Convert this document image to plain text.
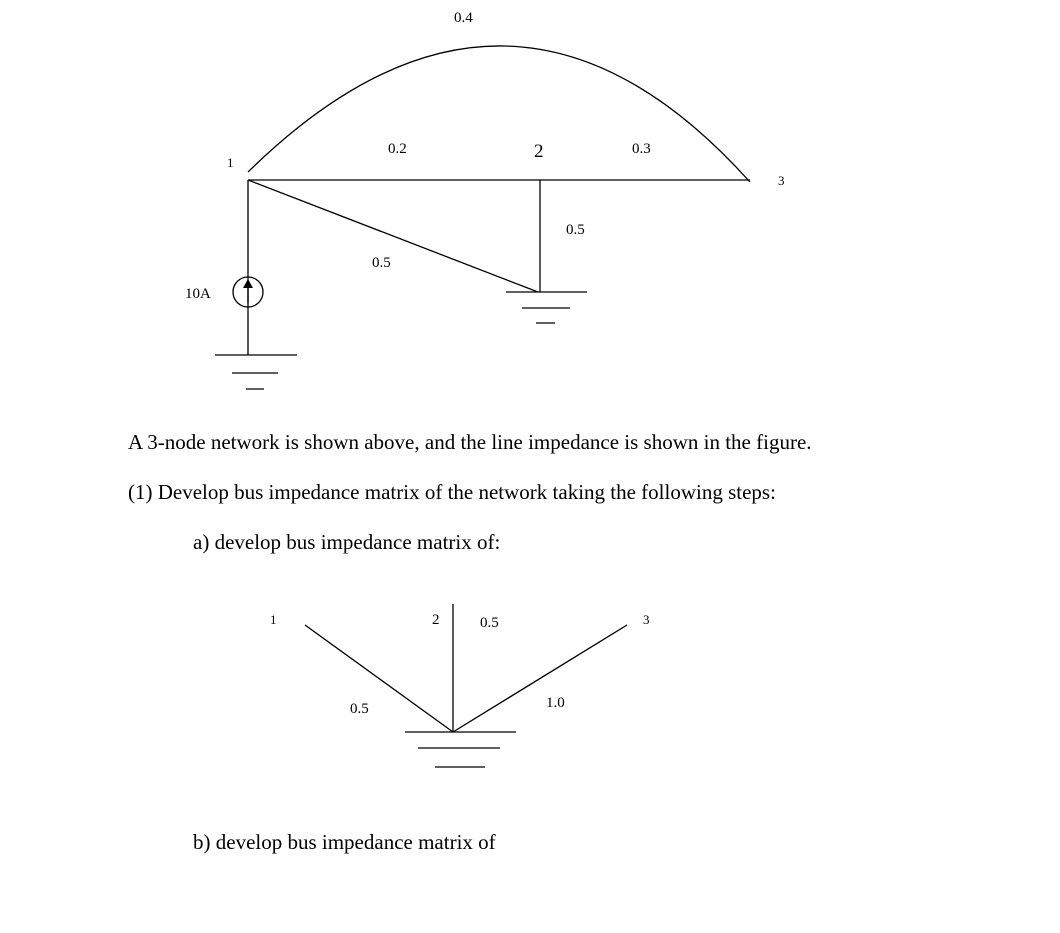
1
2
3
0.4
0.2	0.3
0.5
0.5
10A
1	2	3
0.5
0.5	1.0

A 3-node network is shown above, and the line impedance is shown in the figure.

(1) Develop bus impedance matrix of the network taking the following steps:

a) develop bus impedance matrix of:

b) develop bus impedance matrix of
